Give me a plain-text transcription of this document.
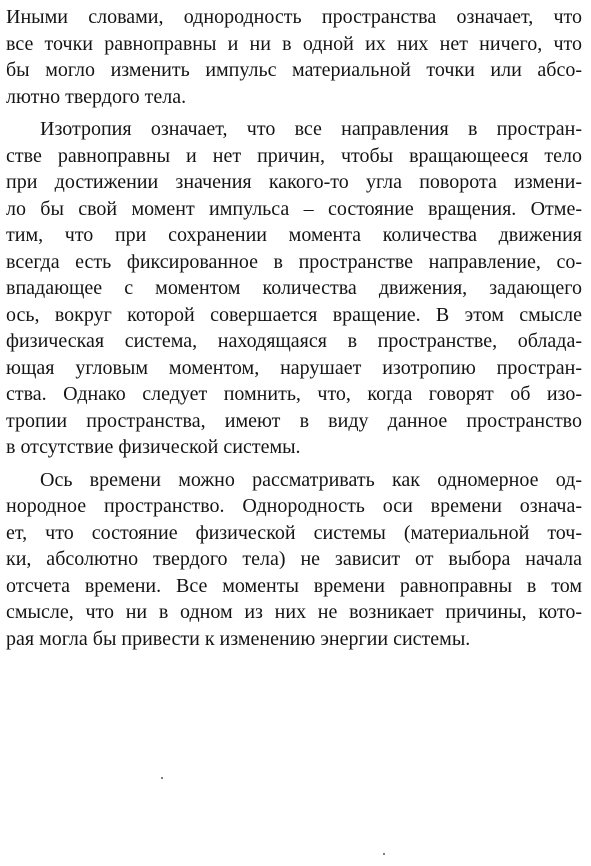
Иными словами, однородность пространства означает, что
все точки равноправны и ни в одной их них нет ничего, что
бы могло изменить импульс материальной точки или абсо-
лютно твердого тела.
Изотропия означает, что все направления в простран-
стве равноправны и нет причин, чтобы вращающееся тело
при достижении значения какого-то угла поворота измени-
ло бы свой момент импульса – состояние вращения. Отме-
тим, что при сохранении момента количества движения
всегда есть фиксированное в пространстве направление, со-
впадающее с моментом количества движения, задающего
ось, вокруг которой совершается вращение. В этом смысле
физическая система, находящаяся в пространстве, облада-
ющая угловым моментом, нарушает изотропию простран-
ства. Однако следует помнить, что, когда говорят об изо-
тропии пространства, имеют в виду данное пространство
в отсутствие физической системы.
Ось времени можно рассматривать как одномерное од-
нородное пространство. Однородность оси времени означа-
ет, что состояние физической системы (материальной точ-
ки, абсолютно твердого тела) не зависит от выбора начала
отсчета времени. Все моменты времени равноправны в том
смысле, что ни в одном из них не возникает причины, кото-
рая могла бы привести к изменению энергии системы.
